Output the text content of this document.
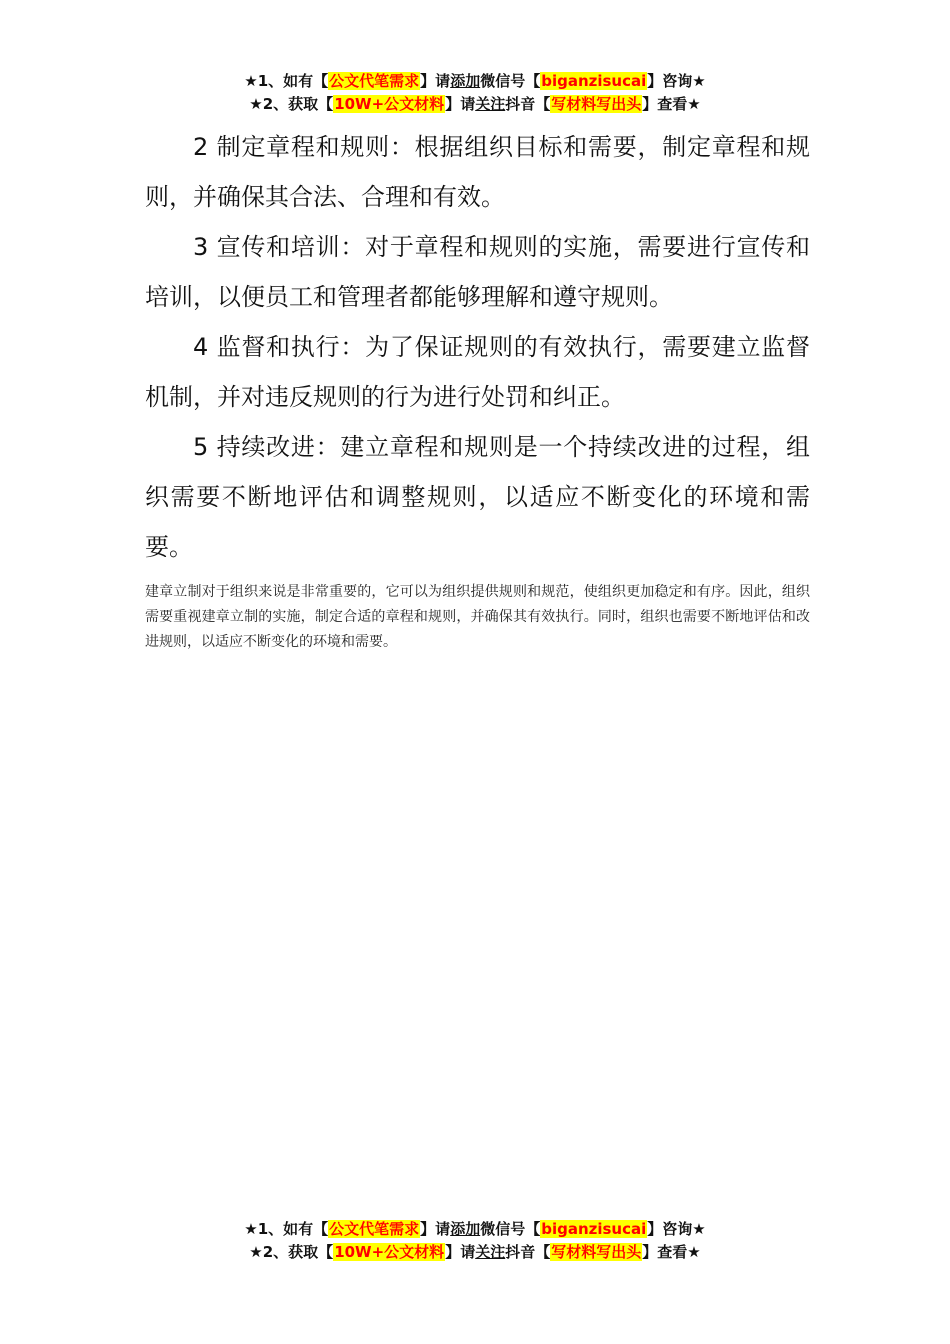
★1、如有【公文代笔需求】请添加微信号【biganzisucai】咨询★
★2、获取【10W+公文材料】请关注抖音【写材料写出头】查看★

2 制定章程和规则：根据组织目标和需要，制定章程和规则，并确保其合法、合理和有效。

3 宣传和培训：对于章程和规则的实施，需要进行宣传和培训，以便员工和管理者都能够理解和遵守规则。

4 监督和执行：为了保证规则的有效执行，需要建立监督机制，并对违反规则的行为进行处罚和纠正。

5 持续改进：建立章程和规则是一个持续改进的过程，组织需要不断地评估和调整规则，以适应不断变化的环境和需要。

建章立制对于组织来说是非常重要的，它可以为组织提供规则和规范，使组织更加稳定和有序。因此，组织需要重视建章立制的实施，制定合适的章程和规则，并确保其有效执行。同时，组织也需要不断地评估和改进规则，以适应不断变化的环境和需要。

★1、如有【公文代笔需求】请添加微信号【biganzisucai】咨询★
★2、获取【10W+公文材料】请关注抖音【写材料写出头】查看★
